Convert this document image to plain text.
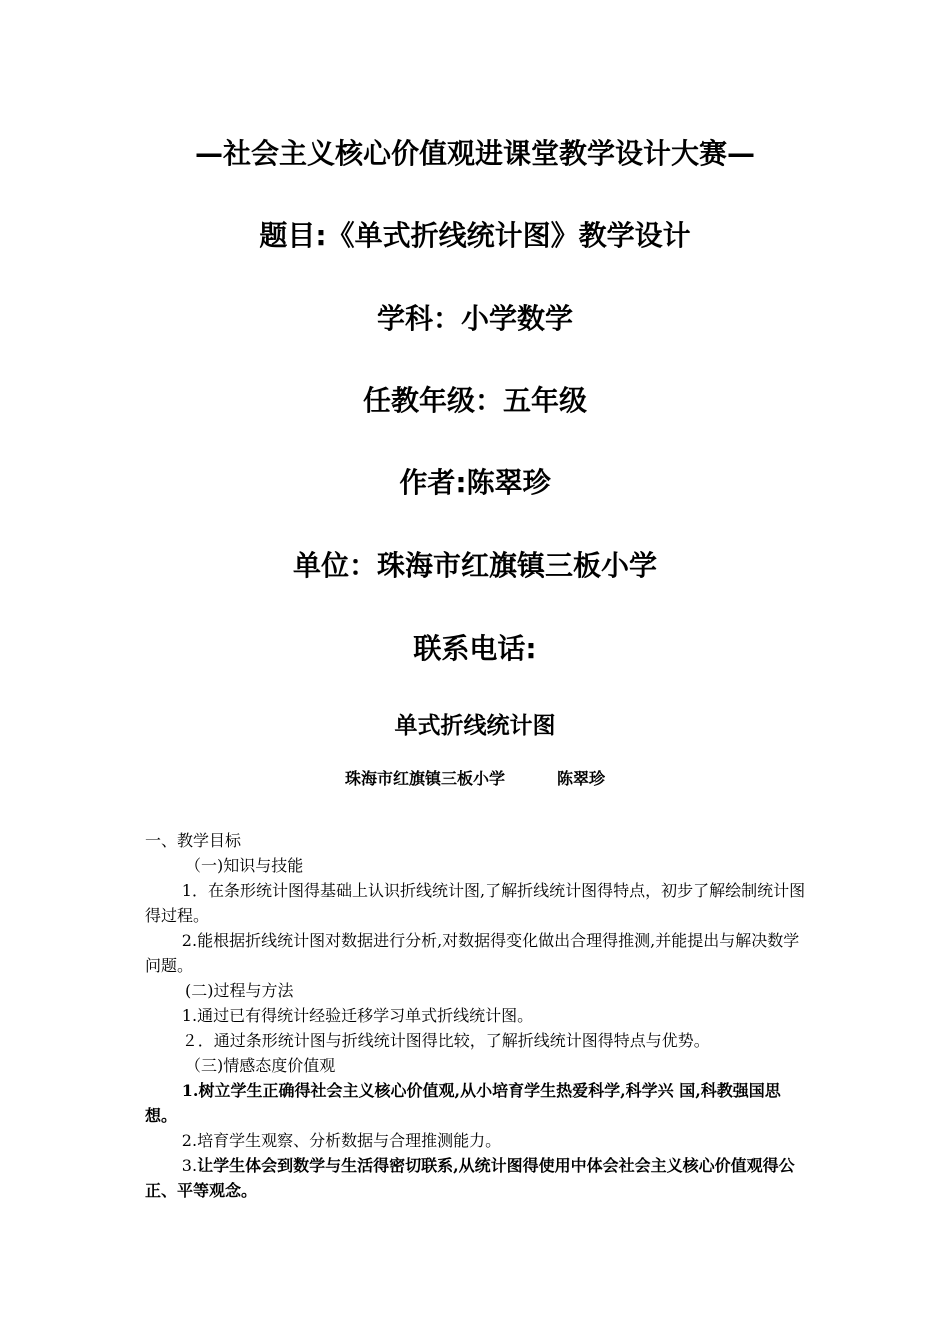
—社会主义核心价值观进课堂教学设计大赛—
题目:《单式折线统计图》教学设计
学科：小学数学
任教年级：五年级
作者:陈翠珍
单位：珠海市红旗镇三板小学
联系电话:
单式折线统计图
珠海市红旗镇三板小学	陈翠珍

一、教学目标

（一)知识与技能

1．在条形统计图得基础上认识折线统计图,了解折线统计图得特点，初步了解绘制统计图得过程。

2.能根据折线统计图对数据进行分析,对数据得变化做出合理得推测,并能提出与解决数学问题。

(二)过程与方法

1.通过已有得统计经验迁移学习单式折线统计图。

２．通过条形统计图与折线统计图得比较，了解折线统计图得特点与优势。

（三)情感态度价值观

1.树立学生正确得社会主义核心价值观,从小培育学生热爱科学,科学兴 国,科教强国思想。

2.培育学生观察、分析数据与合理推测能力。

3.让学生体会到数学与生活得密切联系,从统计图得使用中体会社会主义核心价值观得公正、平等观念。
